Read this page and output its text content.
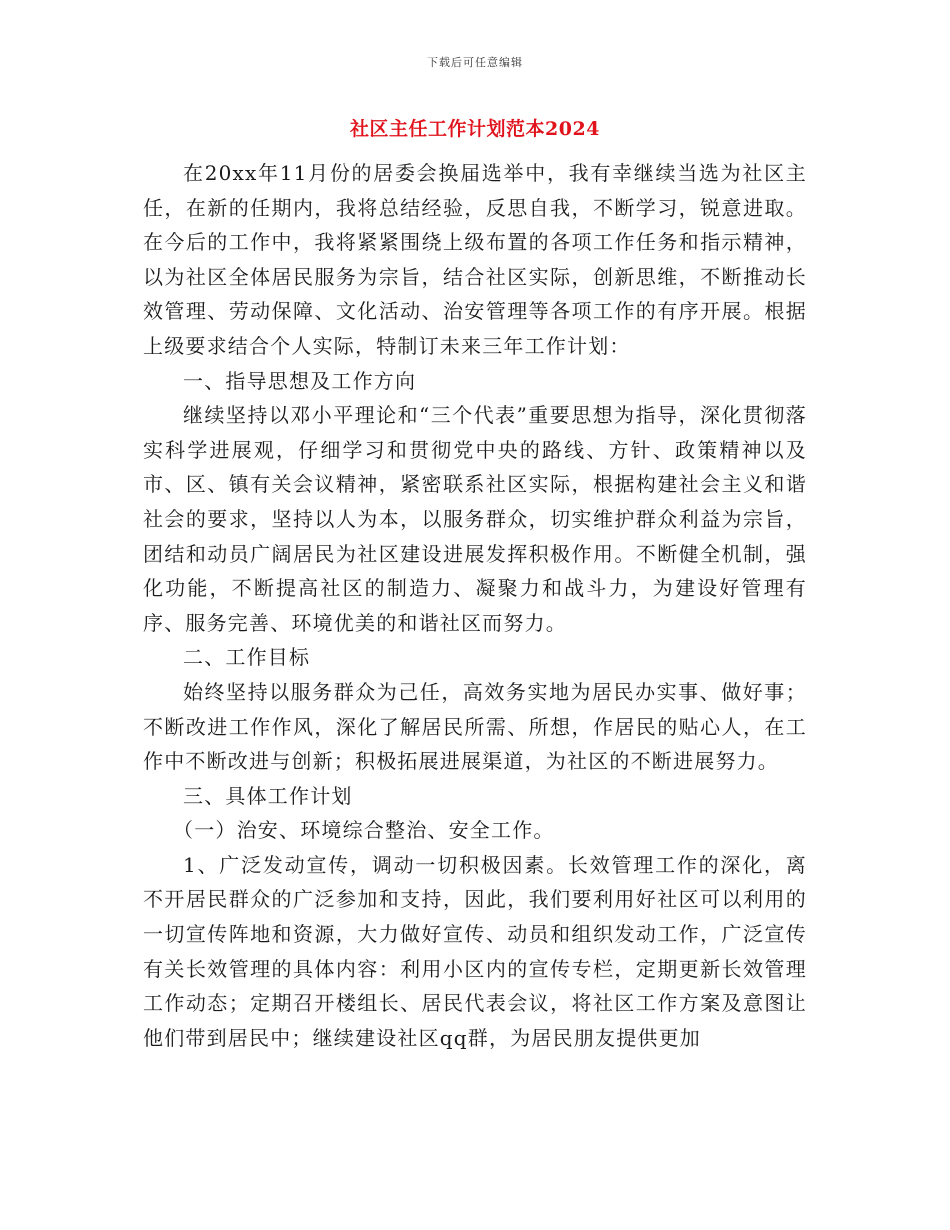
下载后可任意编辑
社区主任工作计划范本2024

在20xx年11月份的居委会换届选举中，我有幸继续当选为社区主任，在新的任期内，我将总结经验，反思自我，不断学习，锐意进取。在今后的工作中，我将紧紧围绕上级布置的各项工作任务和指示精神，以为社区全体居民服务为宗旨，结合社区实际，创新思维，不断推动长效管理、劳动保障、文化活动、治安管理等各项工作的有序开展。根据上级要求结合个人实际，特制订未来三年工作计划：

一、指导思想及工作方向

继续坚持以邓小平理论和“三个代表”重要思想为指导，深化贯彻落实科学进展观，仔细学习和贯彻党中央的路线、方针、政策精神以及市、区、镇有关会议精神，紧密联系社区实际，根据构建社会主义和谐社会的要求，坚持以人为本，以服务群众，切实维护群众利益为宗旨，团结和动员广阔居民为社区建设进展发挥积极作用。不断健全机制，强化功能，不断提高社区的制造力、凝聚力和战斗力，为建设好管理有序、服务完善、环境优美的和谐社区而努力。

二、工作目标

始终坚持以服务群众为己任，高效务实地为居民办实事、做好事；不断改进工作作风，深化了解居民所需、所想，作居民的贴心人，在工作中不断改进与创新；积极拓展进展渠道，为社区的不断进展努力。

三、具体工作计划

（一）治安、环境综合整治、安全工作。

1、广泛发动宣传，调动一切积极因素。长效管理工作的深化，离不开居民群众的广泛参加和支持，因此，我们要利用好社区可以利用的一切宣传阵地和资源，大力做好宣传、动员和组织发动工作，广泛宣传有关长效管理的具体内容：利用小区内的宣传专栏，定期更新长效管理工作动态；定期召开楼组长、居民代表会议，将社区工作方案及意图让他们带到居民中；继续建设社区qq群，为居民朋友提供更加
